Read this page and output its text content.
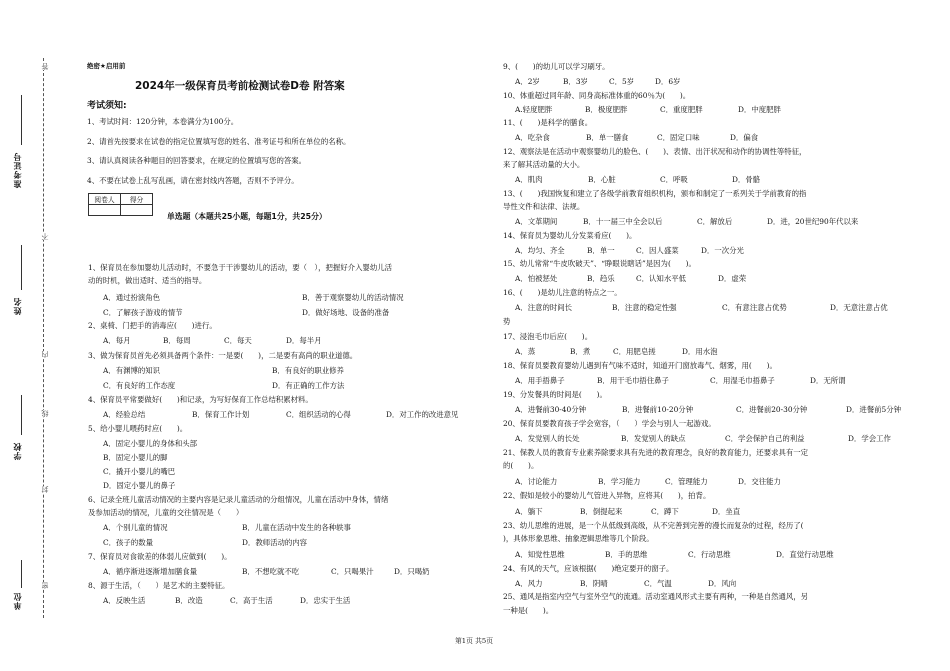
答
不
内
线
封
密
准考证号
姓名
学校
单位
绝密★启用前
2024年一级保育员考前检测试卷D卷 附答案
考试须知:
1、考试时间：120分钟，本卷满分为100分。
2、请首先按要求在试卷的指定位置填写您的姓名、准考证号和所在单位的名称。
3、请认真阅读各种题目的回答要求，在规定的位置填写您的答案。
4、不要在试卷上乱写乱画，请在密封线内答题，否则不予评分。
阅卷人	得分

单选题（本题共25小题，每题1分，共25分）
1、保育员在参加婴幼儿活动时，不要急于干涉婴幼儿的活动，要（　），把握好介入婴幼儿活
动的时机，做出适时、适当的指导。
A．通过扮演角色	B．善于观察婴幼儿的活动情况
C．了解孩子游戏的情节	D．做好场地、设备的准备
2、桌椅、门把手的消毒应(　　)进行。
A．每月	B．每周	C．每天	D．每半月
3、做为保育员首先必须具备两个条件：一是要(　　)，二是要有高尚的职业道德。
A．有渊博的知识	B．有良好的职业修养
C．有良好的工作态度	D．有正确的工作方法
4、保育员平常要做好(　　)和记录，为写好保育工作总结积累材料。
A．经验总结	B．保育工作计划	C．组织活动的心得	D．对工作的改进意见
5、给小婴儿喂药时应(　　)。
A．固定小婴儿的身体和头部
B．固定小婴儿的脚
C．撬开小婴儿的嘴巴
D．固定小婴儿的鼻子
6、记录全班儿童活动情况的主要内容是记录儿童活动的分组情况，儿童在活动中身体，情绪
及参加活动的情况，儿童的交往情况是（　　）
A．个别儿童的情况	B．儿童在活动中发生的各种轶事
C．孩子的数量	D．教师活动的内容
7、保育员对食欲差的体弱儿应做到(　　)。
A．循序渐进逐渐增加膳食量	B．不想吃就不吃	C．只喝果汁	D．只喝奶
8、源于生活，（　　）是艺术的主要特征。
A．反映生活	B．改造	C．高于生活	D．忠实于生活
9、(　　)的幼儿可以学习刷牙。
A．2岁	B．3岁	C．5岁	D．6岁
10、体重超过同年龄、同身高标准体重的60％为(　　)。
A.轻度肥胖	B．极度肥胖	C．重度肥胖	D．中度肥胖
11、(　　)是科学的膳食。
A．吃杂食	B．单一膳食	C．固定口味	D．偏食
12、观察法是在活动中观察婴幼儿的脸色、(　　)、表情、出汗状况和动作的协调性等特征，
来了解其活动量的大小。
A．肌肉	B．心脏	C．呼吸	D．骨骼
13、(　　)我国恢复和建立了各级学前教育组织机构，颁布和制定了一系列关于学前教育的指
导性文件和法律、法规。
A．文革期间	B．十一届三中全会以后	C．解放后	D．进，20世纪90年代以来
14、保育员为婴幼儿分发菜肴应(　　)。
A．均匀、齐全	B．单一	C．因人盛菜	D．一次分光
15、幼儿常常“牛皮吹破天”、“睁眼说瞎话”是因为(　　)。
A．怕被惩处	B．趋乐	C．认知水平低	D．虚荣
16、(　　)是幼儿注意的特点之一。
A．注意的时间长	B．注意的稳定性强	C．有意注意占优势	D．无意注意占优
势
17、浸泡毛巾后应(　　)。
A．蒸	B．煮	C．用肥皂搓	D．用水泡
18、保育员要教育婴幼儿遇到有气味不适时，知道开门窗放毒气、烟雾，用(　　)。
A．用手捂鼻子	B．用干毛巾捂住鼻子	C．用湿毛巾捂鼻子	D．无所谓
19、分发餐具的时间是(　　)。
A．进餐前30-40分钟	B．进餐前10-20分钟	C．进餐前20-30分钟	D．进餐前5分钟
20、保育员要教育孩子学会宽容，（　　）学会与别人一起游戏。
A．发觉别人的长处	B．发觉别人的缺点	C．学会保护自己的利益	D．学会工作
21、保教人员的教育专业素养除要求具有先进的教育理念，良好的教育能力，还要求具有一定
的(　　)。
A．讨论能力	B．学习能力	C．管理能力	D．交往能力
22、假如是较小的婴幼儿气管进入异物，应将其(　　)，拍背。
A．躺下	B．倒提起来	C．蹲下	D．坐直
23、幼儿思维的进展，是一个从低级到高级，从不完善到完善的漫长而复杂的过程，经历了(
)，具体形象思维、抽象逻辑思维等几个阶段。
A．知觉性思维	B．手的思维	C．行动思维	D．直觉行动思维
24、有风的天气，应该根据(　　)绝定要开的窗子。
A．风力	B．阴晴	C．气温	D．风向
25、通风是指室内空气与室外空气的流通。活动室通风形式主要有两种，一种是自然通风，另
一种是(　　)。
第1页 共5页
